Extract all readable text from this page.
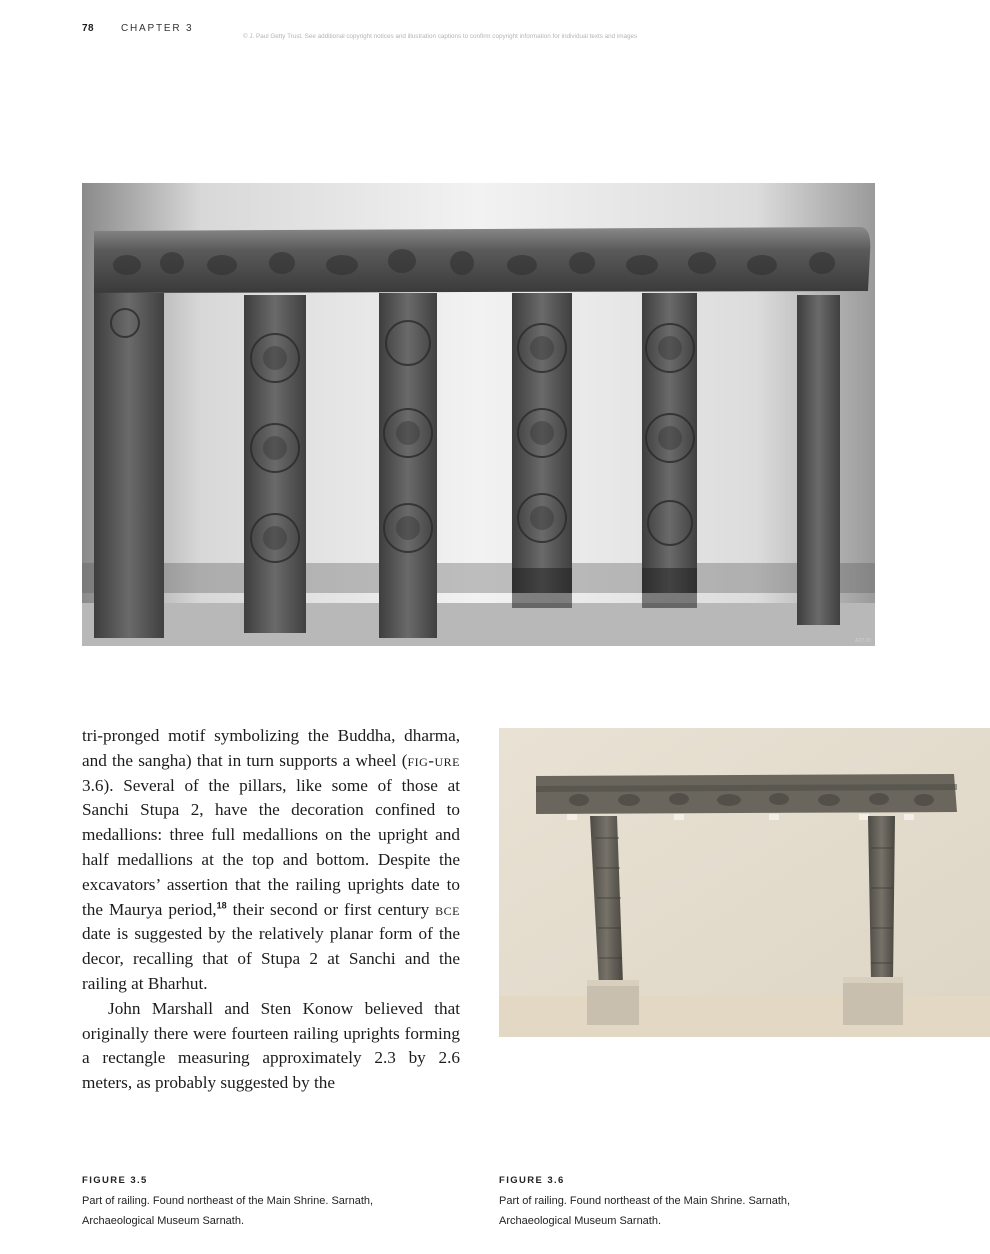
78	CHAPTER 3
© J. Paul Getty Trust. See additional copyright notices and illustration captions to confirm copyright information for individual texts and images
A27.20

tri-pronged motif symbolizing the Buddha, dharma, and the sangha) that in turn supports a wheel (fig-ure 3.6). Several of the pillars, like some of those at Sanchi Stupa 2, have the decoration confined to medallions: three full medallions on the upright and half medallions at the top and bottom. Despite the excavators’ assertion that the railing uprights date to the Maurya period,$^{18}$ their second or first century bce date is suggested by the relatively planar form of the decor, recalling that of Stupa 2 at Sanchi and the railing at Bharhut.

John Marshall and Sten Konow believed that originally there were fourteen railing uprights forming a rectangle measuring approximately 2.3 by 2.6 meters, as probably suggested by the

FIGURE 3.5
Part of railing. Found northeast of the Main Shrine. Sarnath,
Archaeological Museum Sarnath.
FIGURE 3.6
Part of railing. Found northeast of the Main Shrine. Sarnath,
Archaeological Museum Sarnath.
